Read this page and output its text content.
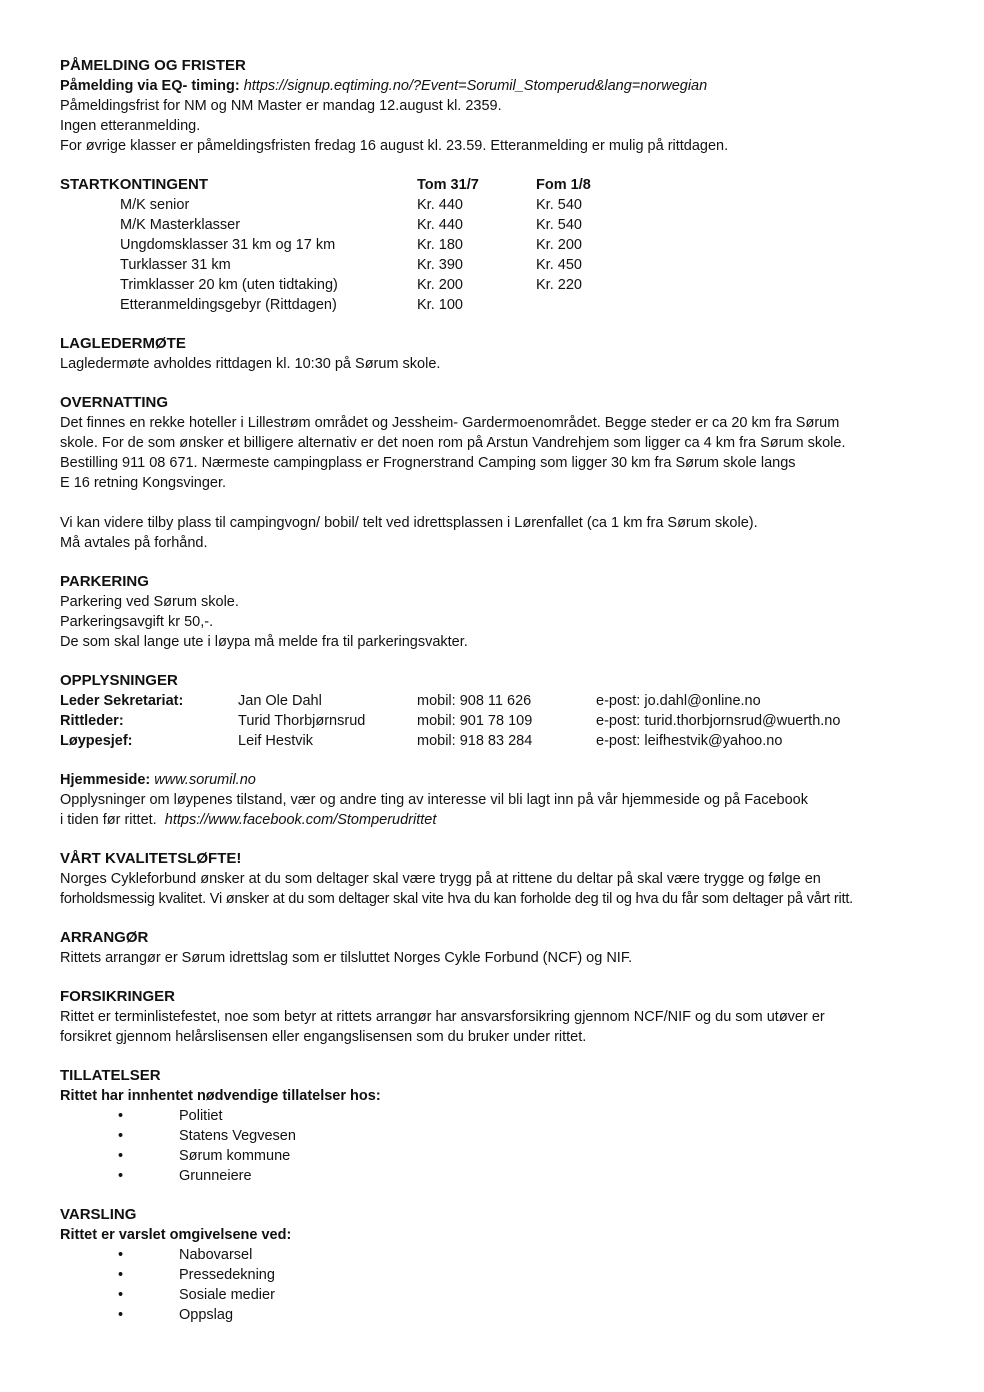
PÅMELDING OG FRISTER

Påmelding via EQ- timing: https://signup.eqtiming.no/?Event=Sorumil_Stomperud&lang=norwegian

Påmeldingsfrist for NM og NM Master er mandag 12.august kl. 2359.

Ingen etteranmelding.

For øvrige klasser er påmeldingsfristen fredag 16 august kl. 23.59. Etteranmelding er mulig på rittdagen.

STARTKONTINGENT	Tom 31/7	Fom 1/8
M/K senior	Kr. 440	Kr. 540
M/K Masterklasser	Kr. 440	Kr. 540
Ungdomsklasser 31 km og 17 km	Kr. 180	Kr. 200
Turklasser 31 km	Kr. 390	Kr. 450
Trimklasser 20 km (uten tidtaking)	Kr. 200	Kr. 220
Etteranmeldingsgebyr (Rittdagen)	Kr. 100

LAGLEDERMØTE

Lagledermøte avholdes rittdagen kl. 10:30 på Sørum skole.

OVERNATTING

Det finnes en rekke hoteller i Lillestrøm området og Jessheim- Gardermoenområdet. Begge steder er ca 20 km fra Sørum

skole. For de som ønsker et billigere alternativ er det noen rom på Arstun Vandrehjem som ligger ca 4 km fra Sørum skole.

Bestilling 911 08 671. Nærmeste campingplass er Frognerstrand Camping som ligger 30 km fra Sørum skole langs

E 16 retning Kongsvinger.

Vi kan videre tilby plass til campingvogn/ bobil/ telt ved idrettsplassen i Lørenfallet (ca 1 km fra Sørum skole).

Må avtales på forhånd.

PARKERING

Parkering ved Sørum skole.

Parkeringsavgift kr 50,-.

De som skal lange ute i løypa må melde fra til parkeringsvakter.

OPPLYSNINGER

Leder Sekretariat:	Jan Ole Dahl	mobil: 908 11 626	e-post: jo.dahl@online.no
Rittleder:	Turid Thorbjørnsrud	mobil: 901 78 109	e-post: turid.thorbjornsrud@wuerth.no
Løypesjef:	Leif Hestvik	mobil: 918 83 284	e-post: leifhestvik@yahoo.no

Hjemmeside: www.sorumil.no

Opplysninger om løypenes tilstand, vær og andre ting av interesse vil bli lagt inn på vår hjemmeside og på Facebook

i tiden før rittet. https://www.facebook.com/Stomperudrittet

VÅRT KVALITETSLØFTE!

Norges Cykleforbund ønsker at du som deltager skal være trygg på at rittene du deltar på skal være trygge og følge en

forholdsmessig kvalitet. Vi ønsker at du som deltager skal vite hva du kan forholde deg til og hva du får som deltager på vårt ritt.

ARRANGØR

Rittets arrangør er Sørum idrettslag som er tilsluttet Norges Cykle Forbund (NCF) og NIF.

FORSIKRINGER

Rittet er terminlistefestet, noe som betyr at rittets arrangør har ansvarsforsikring gjennom NCF/NIF og du som utøver er

forsikret gjennom helårslisensen eller engangslisensen som du bruker under rittet.

TILLATELSER

Rittet har innhentet nødvendige tillatelser hos:

•	Politiet
•	Statens Vegvesen
•	Sørum kommune
•	Grunneiere

VARSLING

Rittet er varslet omgivelsene ved:

•	Nabovarsel
•	Pressedekning
•	Sosiale medier
•	Oppslag
